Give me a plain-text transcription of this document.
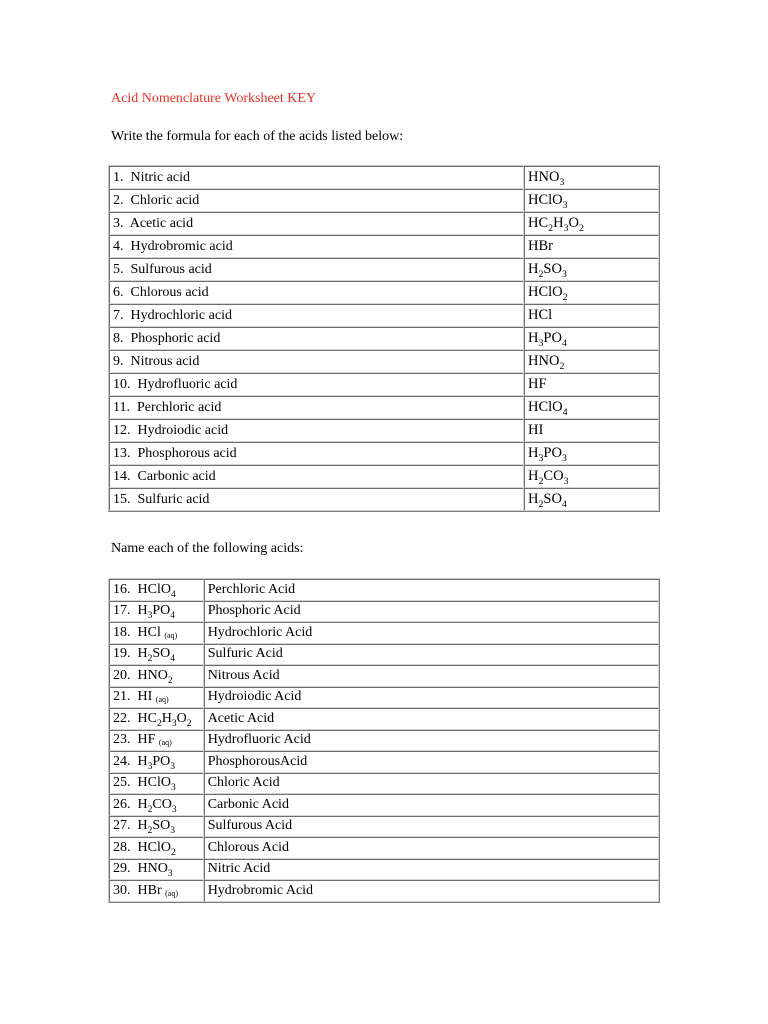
Acid Nomenclature Worksheet KEY
Write the formula for each of the acids listed below:
1.  Nitric acid	$HNO_3$
2.  Chloric acid	HClO$_3$
3.  Acetic acid	$HC_2H_3O_2$
4.  Hydrobromic acid	HBr
5.  Sulfurous acid	$H_2SO_3$
6.  Chlorous acid	HClO$_2$
7.  Hydrochloric acid	HCl
8.  Phosphoric acid	$H_3PO_4$
9.  Nitrous acid	$HNO_2$
10.  Hydrofluoric acid	HF
11.  Perchloric acid	HClO$_4$
12.  Hydroiodic acid	HI
13.  Phosphorous acid	$H_3PO_3$
14.  Carbonic acid	$H_2CO_3$
15.  Sulfuric acid	$H_2SO_4$
Name each of the following acids:
16.  HClO$_4$	Perchloric Acid
17.  $H_3PO_4$	Phosphoric Acid
18.  HCl (aq)	Hydrochloric Acid
19.  $H_2SO_4$	Sulfuric Acid
20.  $HNO_2$	Nitrous Acid
21.  HI (aq)	Hydroiodic Acid
22.  $HC_2H_3O_2$	Acetic Acid
23.  HF (aq)	Hydrofluoric Acid
24.  $H_3PO_3$	PhosphorousAcid
25.  HClO$_3$	Chloric Acid
26.  $H_2CO_3$	Carbonic Acid
27.  $H_2SO_3$	Sulfurous Acid
28.  HClO$_2$	Chlorous Acid
29.  $HNO_3$	Nitric Acid
30.  HBr (aq)	Hydrobromic Acid
